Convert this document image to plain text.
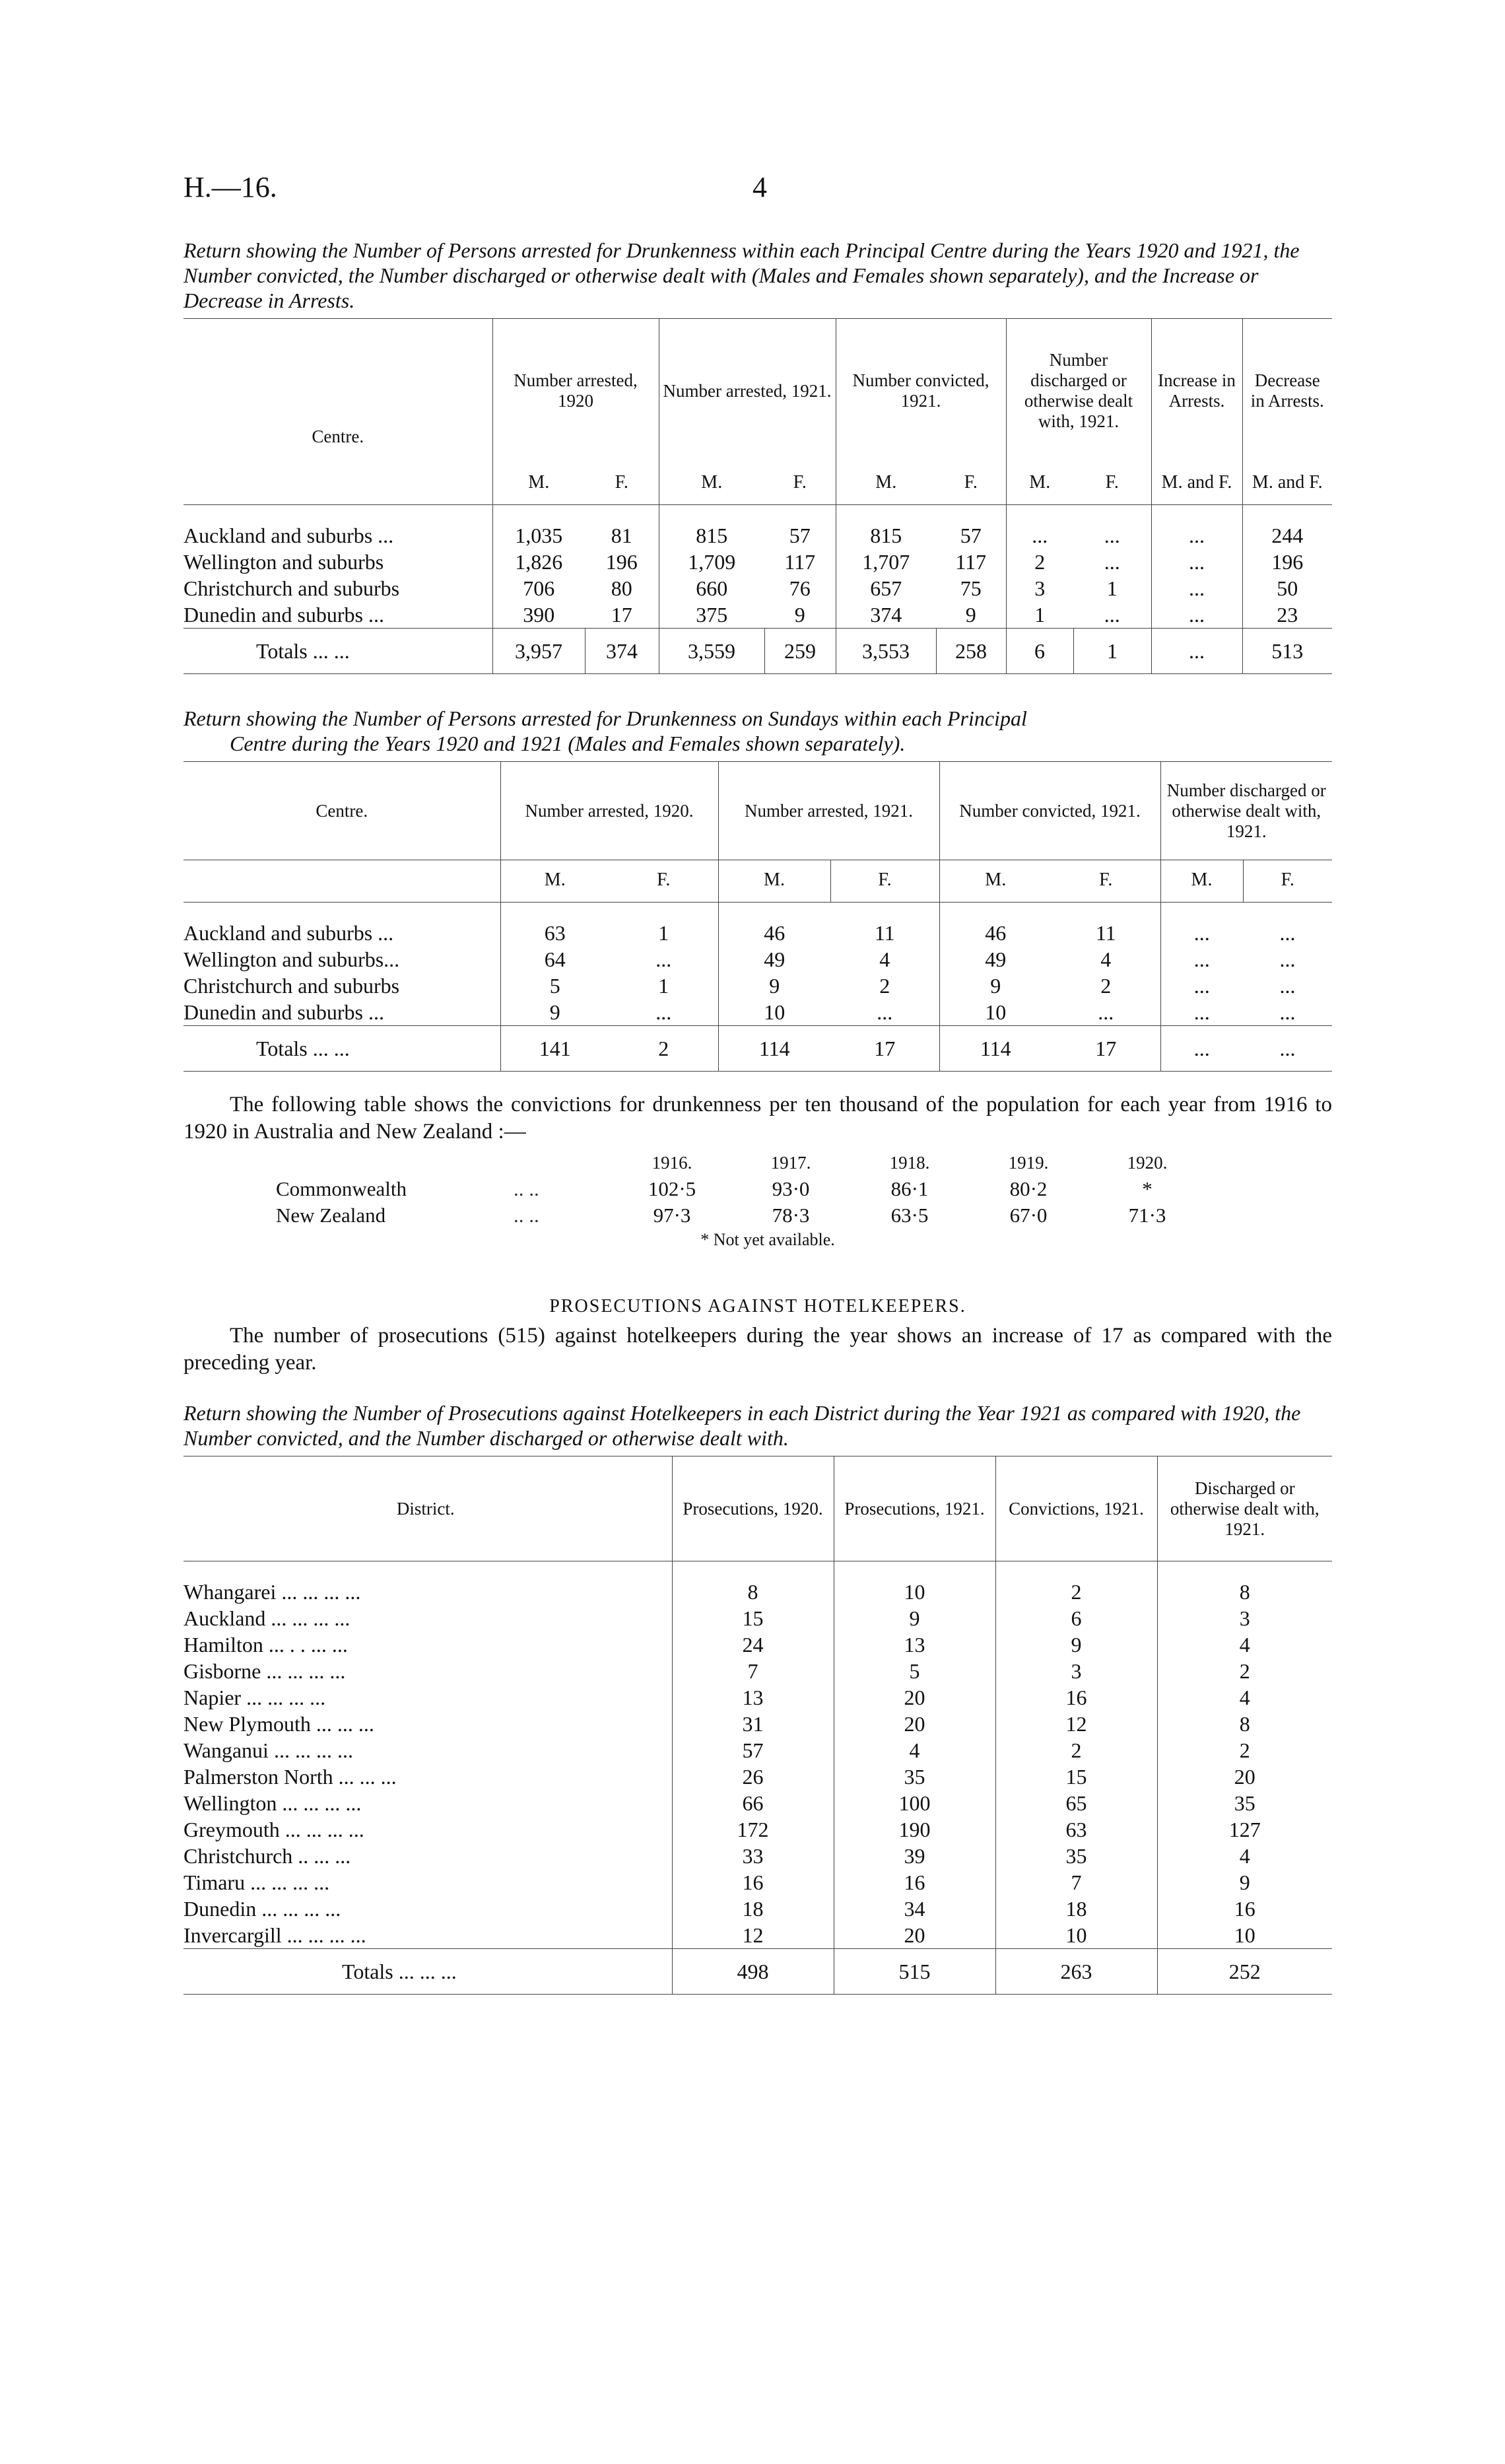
H.—16.	4
Return showing the Number of Persons arrested for Drunkenness within each Principal Centre during the Years 1920 and 1921, the Number convicted, the Number discharged or otherwise dealt with (Males and Females shown separately), and the Increase or Decrease in Arrests.
Centre.	Number arrested, 1920		Number arrested, 1921.		Number convicted, 1921.		Number discharged or otherwise dealt with, 1921.		Increase in Arrests.	Decrease in Arrests.
	M.	F.	M.	F.	M.	F.	M.	F.	M. and F.	M. and F.

Auckland and suburbs ...	1,035	81	815	57	815	57	...	...	...	244
Wellington and suburbs	1,826	196	1,709	117	1,707	117	2	...	...	196
Christchurch and suburbs	706	80	660	76	657	75	3	1	...	50
Dunedin and suburbs ...	390	17	375	9	374	9	1	...	...	23
Totals ... ...	3,957	374	3,559	259	3,553	258	6	1	...	513
Return showing the Number of Persons arrested for Drunkenness on Sundays within each Principal
Centre during the Years 1920 and 1921 (Males and Females shown separately).
Centre.	Number arrested, 1920.		Number arrested, 1921.		Number convicted, 1921.		Number discharged or otherwise dealt with, 1921.	
	M.	F.	M.	F.	M.	F.	M.	F.

Auckland and suburbs ...	63	1	46	11	46	11	...	...
Wellington and suburbs...	64	...	49	4	49	4	...	...
Christchurch and suburbs	5	1	9	2	9	2	...	...
Dunedin and suburbs ...	9	...	10	...	10	...	...	...
Totals ... ...	141	2	114	17	114	17	...	...

The following table shows the convictions for drunkenness per ten thousand of the population for each year from 1916 to 1920 in Australia and New Zealand :—

1916.	1917.	1918.	1919.	1920.
Commonwealth	.. ..	102·5	93·0	86·1	80·2	*
New Zealand	.. ..	97·3	78·3	63·5	67·0	71·3
* Not yet available.
PROSECUTIONS AGAINST HOTELKEEPERS.

The number of prosecutions (515) against hotelkeepers during the year shows an increase of 17 as compared with the preceding year.

Return showing the Number of Prosecutions against Hotelkeepers in each District during the Year 1921 as compared with 1920, the Number convicted, and the Number discharged or otherwise dealt with.
District.	Prosecutions, 1920.	Prosecutions, 1921.	Convictions, 1921.	Discharged or otherwise dealt with, 1921.

Whangarei ... ... ... ...	8	10	2	8
Auckland ... ... ... ...	15	9	6	3
Hamilton ... . . ... ...	24	13	9	4
Gisborne ... ... ... ...	7	5	3	2
Napier ... ... ... ...	13	20	16	4
New Plymouth ... ... ...	31	20	12	8
Wanganui ... ... ... ...	57	4	2	2
Palmerston North ... ... ...	26	35	15	20
Wellington ... ... ... ...	66	100	65	35
Greymouth ... ... ... ...	172	190	63	127
Christchurch .. ... ...	33	39	35	4
Timaru ... ... ... ...	16	16	7	9
Dunedin ... ... ... ...	18	34	18	16
Invercargill ... ... ... ...	12	20	10	10
Totals ... ... ...	498	515	263	252
